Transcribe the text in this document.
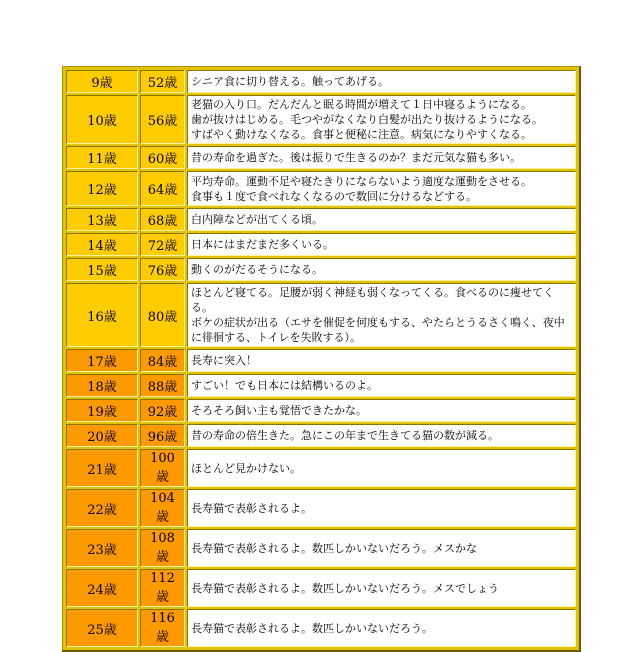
9歳	52歳	シニア食に切り替える。触ってあげる。

10歳	56歳	老猫の入り口。だんだんと眠る時間が増えて１日中寝るようになる。
歯が抜けはじめる。毛つやがなくなり白髪が出たり抜けるようになる。
すばやく動けなくなる。食事と便秘に注意。病気になりやすくなる。

11歳	60歳	昔の寿命を過ぎた。後は振りで生きるのか？まだ元気な猫も多い。

12歳	64歳	平均寿命。運動不足や寝たきりにならないよう適度な運動をさせる。
食事も１度で食べれなくなるので数回に分けるなどする。

13歳	68歳	白内障などが出てくる頃。

14歳	72歳	日本にはまだまだ多くいる。

15歳	76歳	動くのがだるそうになる。

16歳	80歳	ほとんど寝てる。足腰が弱く神経も弱くなってくる。食べるのに痩せてく
る。
ボケの症状が出る（エサを催促を何度もする、やたらとうるさく鳴く、夜中
に徘徊する、トイレを失敗する）。

17歳	84歳	長寿に突入！

18歳	88歳	すごい！でも日本には結構いるのよ。

19歳	92歳	そろそろ飼い主も覚悟できたかな。

20歳	96歳	昔の寿命の倍生きた。急にこの年まで生きてる猫の数が減る。

21歳	100歳	ほとんど見かけない。

22歳	104歳	長寿猫で表彰されるよ。

23歳	108歳	長寿猫で表彰されるよ。数匹しかいないだろう。メスかな

24歳	112歳	長寿猫で表彰されるよ。数匹しかいないだろう。メスでしょう

25歳	116歳	長寿猫で表彰されるよ。数匹しかいないだろう。
